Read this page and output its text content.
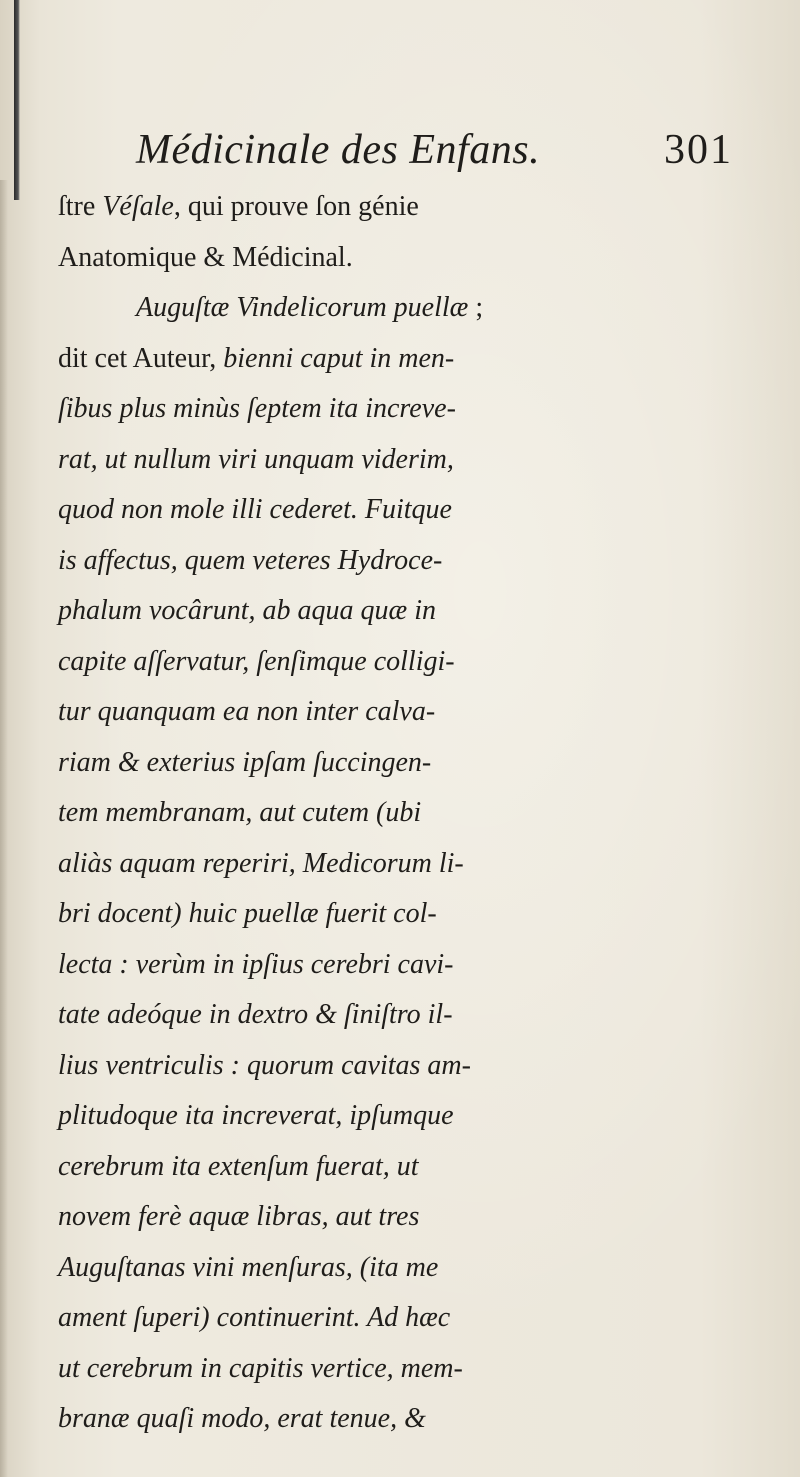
Médicinale des Enfans.	301
ſtre Véſale, qui prouve ſon génie
Anatomique & Médicinal.
Auguſtæ Vindelicorum puellæ ;
dit cet Auteur, bienni caput in men-
ſibus plus minùs ſeptem ita increve-
rat, ut nullum viri unquam viderim,
quod non mole illi cederet. Fuitque
is affectus, quem veteres Hydroce-
phalum vocârunt, ab aqua quæ in
capite aſſervatur, ſenſimque colligi-
tur quanquam ea non inter calva-
riam & exterius ipſam ſuccingen-
tem membranam, aut cutem (ubi
aliàs aquam reperiri, Medicorum li-
bri docent) huic puellæ fuerit col-
lecta : verùm in ipſius cerebri cavi-
tate adeóque in dextro & ſiniſtro il-
lius ventriculis : quorum cavitas am-
plitudoque ita increverat, ipſumque
cerebrum ita extenſum fuerat, ut
novem ferè aquæ libras, aut tres
Auguſtanas vini menſuras, (ita me
ament ſuperi) continuerint. Ad hæc
ut cerebrum in capitis vertice, mem-
branæ quaſi modo, erat tenue, &
